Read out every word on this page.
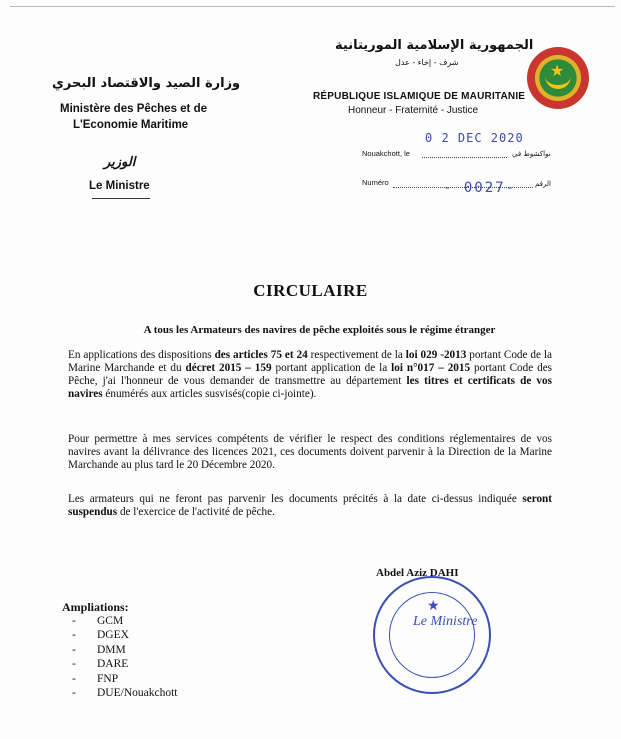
★
الجمهورية الإسلامية الموريتانية
شرف - إخاء - عدل
RÉPUBLIQUE ISLAMIQUE DE MAURITANIE
Honneur - Fraternité - Justice
وزارة الصيد والاقتصاد البحري
Ministère des Pêches et de
L'Economie Maritime
الوزير
Le Ministre
Nouakchott, le	نواكشوط في
0 2 DEC 2020
Numéro	الرقم
- 0027-
CIRCULAIRE
A tous les Armateurs des navires de pêche exploités sous le régime étranger
En applications des dispositions des articles 75 et 24 respectivement de la loi 029 -2013 portant Code de la Marine Marchande et du décret 2015 – 159 portant application de la loi n°017 – 2015 portant Code des Pêche, j'ai l'honneur de vous demander de transmettre au département les titres et certificats de vos navires énumérés aux articles susvisés(copie ci-jointe).
Pour permettre à mes services compétents de vérifier le respect des conditions réglementaires de vos navires avant la délivrance des licences 2021, ces documents doivent parvenir à la Direction de la Marine Marchande au plus tard le 20 Décembre 2020.
Les armateurs qui ne feront pas parvenir les documents précités à la date ci-dessus indiquée seront suspendus de l'exercice de l'activité de pêche.
Abdel Aziz DAHI
★
Le Ministre
Ampliations:
- GCM
- DGEX
- DMM
- DARE
- FNP
- DUE/Nouakchott
